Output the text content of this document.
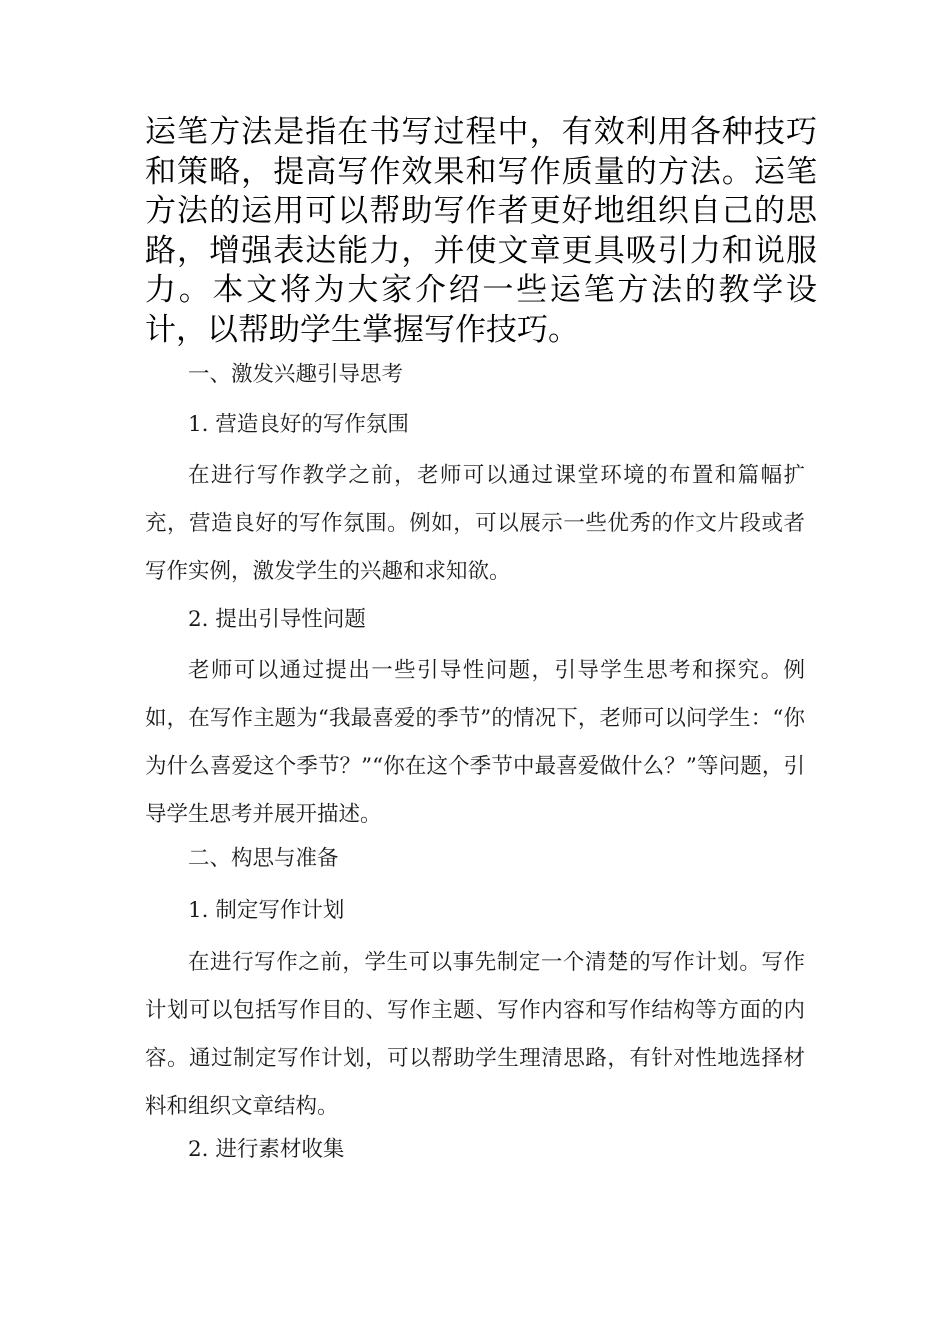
运笔方法是指在书写过程中，有效利用各种技巧和策略，提高写作效果和写作质量的方法。运笔方法的运用可以帮助写作者更好地组织自己的思路，增强表达能力，并使文章更具吸引力和说服力。本文将为大家介绍一些运笔方法的教学设计，以帮助学生掌握写作技巧。

一、激发兴趣引导思考
1. 营造良好的写作氛围

在进行写作教学之前，老师可以通过课堂环境的布置和篇幅扩充，营造良好的写作氛围。例如，可以展示一些优秀的作文片段或者写作实例，激发学生的兴趣和求知欲。

2. 提出引导性问题

老师可以通过提出一些引导性问题，引导学生思考和探究。例如，在写作主题为“我最喜爱的季节”的情况下，老师可以问学生：“你为什么喜爱这个季节？”“你在这个季节中最喜爱做什么？”等问题，引导学生思考并展开描述。

二、构思与准备
1. 制定写作计划

在进行写作之前，学生可以事先制定一个清楚的写作计划。写作计划可以包括写作目的、写作主题、写作内容和写作结构等方面的内容。通过制定写作计划，可以帮助学生理清思路，有针对性地选择材料和组织文章结构。

2. 进行素材收集
